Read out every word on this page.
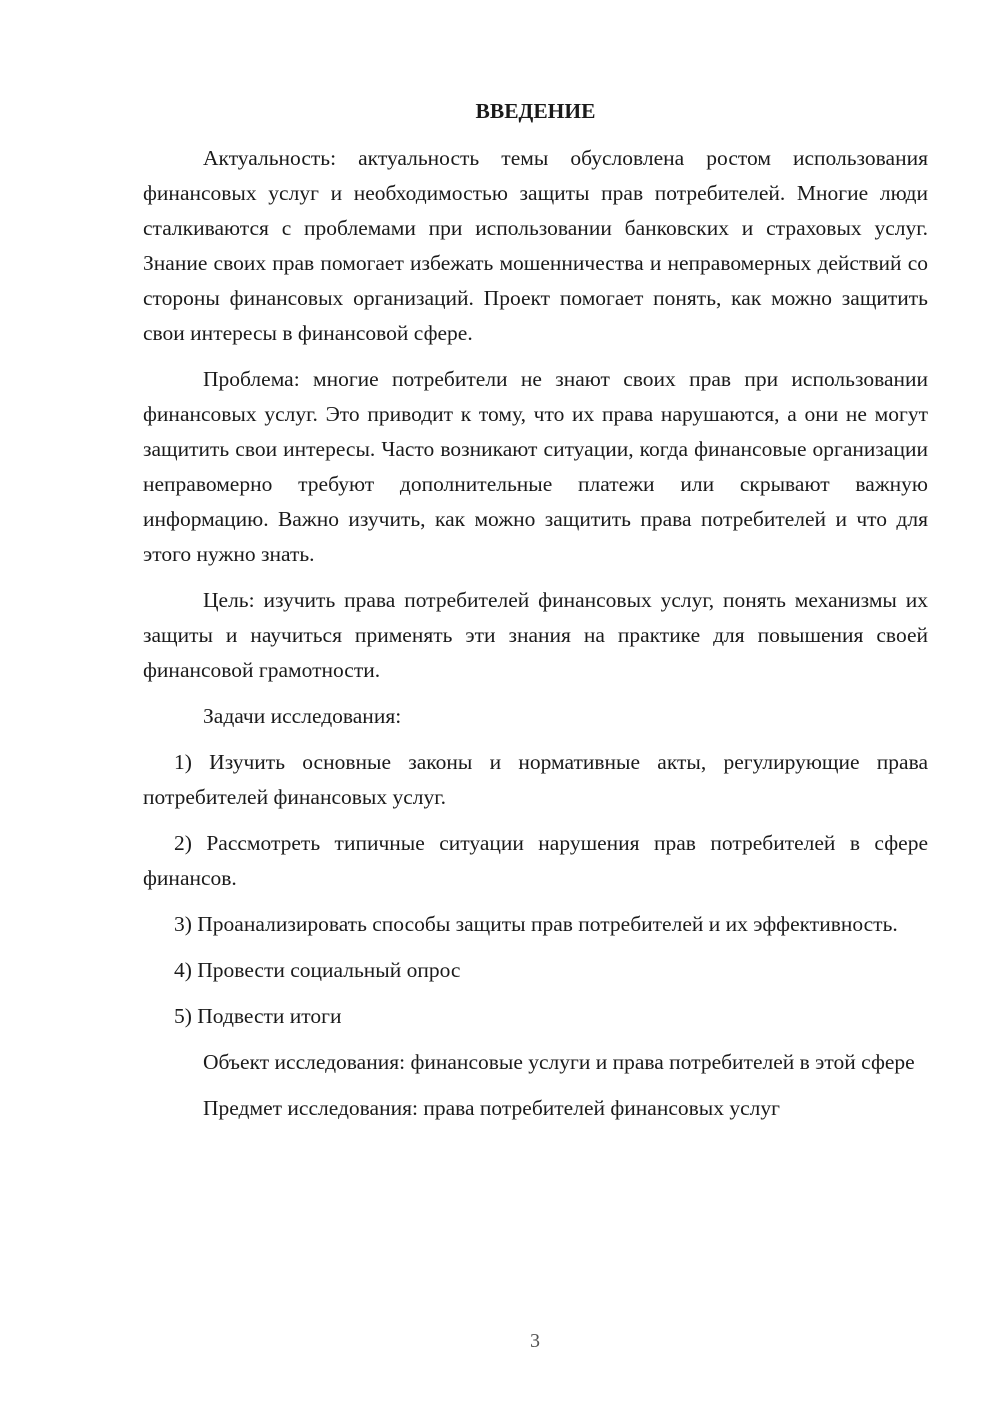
ВВЕДЕНИЕ

Актуальность: актуальность темы обусловлена ростом использования финансовых услуг и необходимостью защиты прав потребителей. Многие люди сталкиваются с проблемами при использовании банковских и страховых услуг. Знание своих прав помогает избежать мошенничества и неправомерных действий со стороны финансовых организаций. Проект помогает понять, как можно защитить свои интересы в финансовой сфере.

Проблема: многие потребители не знают своих прав при использовании финансовых услуг. Это приводит к тому, что их права нарушаются, а они не могут защитить свои интересы. Часто возникают ситуации, когда финансовые организации неправомерно требуют дополнительные платежи или скрывают важную информацию. Важно изучить, как можно защитить права потребителей и что для этого нужно знать.

Цель: изучить права потребителей финансовых услуг, понять механизмы их защиты и научиться применять эти знания на практике для повышения своей финансовой грамотности.

Задачи исследования:

1) Изучить основные законы и нормативные акты, регулирующие права потребителей финансовых услуг.

2) Рассмотреть типичные ситуации нарушения прав потребителей в сфере финансов.

3) Проанализировать способы защиты прав потребителей и их эффективность.

4) Провести социальный опрос

5) Подвести итоги

Объект исследования: финансовые услуги и права потребителей в этой сфере

Предмет исследования: права потребителей финансовых услуг

3
